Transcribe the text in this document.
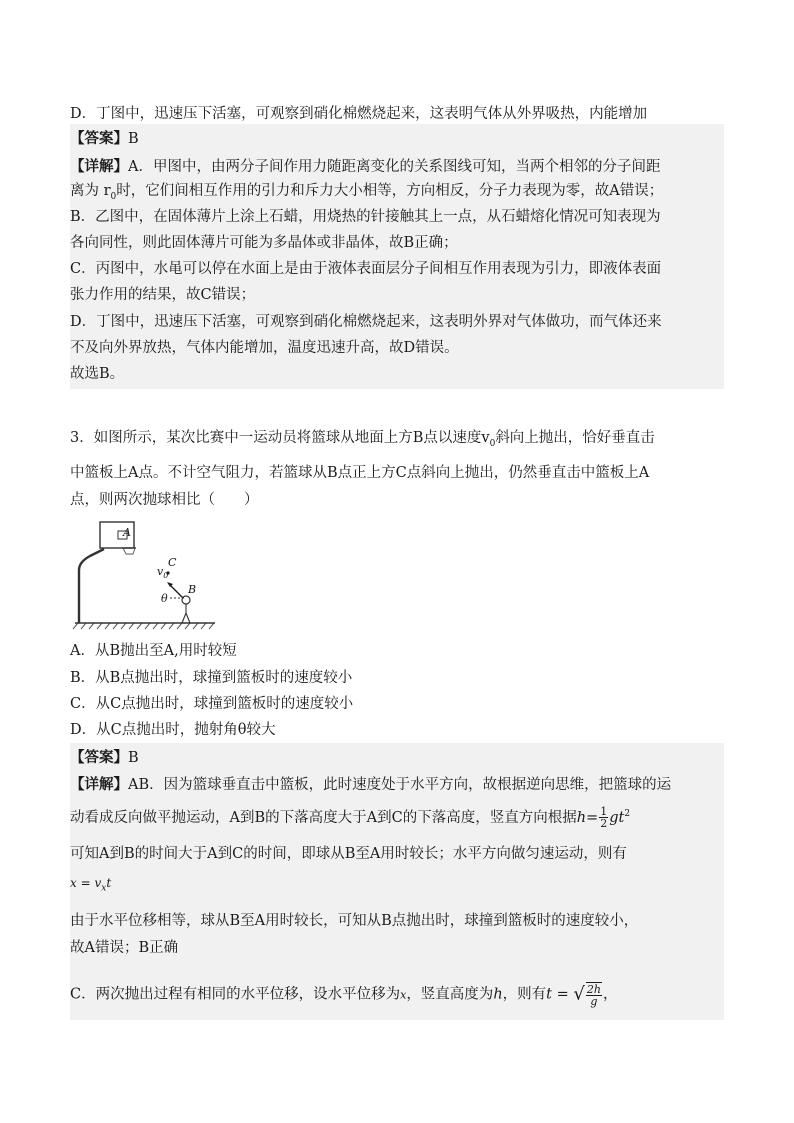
D．丁图中，迅速压下活塞，可观察到硝化棉燃烧起来，这表明气体从外界吸热，内能增加
【答案】B
【详解】A．甲图中，由两分子间作用力随距离变化的关系图线可知，当两个相邻的分子间距
离为 $r_0$时，它们间相互作用的引力和斥力大小相等，方向相反，分子力表现为零，故A错误；
B．乙图中，在固体薄片上涂上石蜡，用烧热的针接触其上一点，从石蜡熔化情况可知表现为
各向同性，则此固体薄片可能为多晶体或非晶体，故B正确；
C．丙图中，水黾可以停在水面上是由于液体表面层分子间相互作用表现为引力，即液体表面
张力作用的结果，故C错误；
D．丁图中，迅速压下活塞，可观察到硝化棉燃烧起来，这表明外界对气体做功，而气体还来
不及向外界放热，气体内能增加，温度迅速升高，故D错误。
故选B。
3．如图所示，某次比赛中一运动员将篮球从地面上方B点以速度$v_0$斜向上抛出，恰好垂直击
中篮板上A点。不计空气阻力，若篮球从B点正上方C点斜向上抛出，仍然垂直击中篮板上A
点，则两次抛球相比（　　）
A
C
B
$v_0$
θ
A．从B抛出至A,用时较短
B．从B点抛出时，球撞到篮板时的速度较小
C．从C点抛出时，球撞到篮板时的速度较小
D．从C点抛出时，抛射角θ较大
【答案】B
【详解】AB．因为篮球垂直击中篮板，此时速度处于水平方向，故根据逆向思维，把篮球的运
动看成反向做平抛运动，A到B的下落高度大于A到C的下落高度，竖直方向根据$h= \frac{1}{2} gt^2$
可知A到B的时间大于A到C的时间，即球从B至A用时较长；水平方向做匀速运动，则有
$x = v_xt$
由于水平位移相等，球从B至A用时较长，可知从B点抛出时，球撞到篮板时的速度较小，
故A错误；B正确
C．两次抛出过程有相同的水平位移，设水平位移为x，竖直高度为h，则有t = √ $\frac{2h}{g}$ ，
